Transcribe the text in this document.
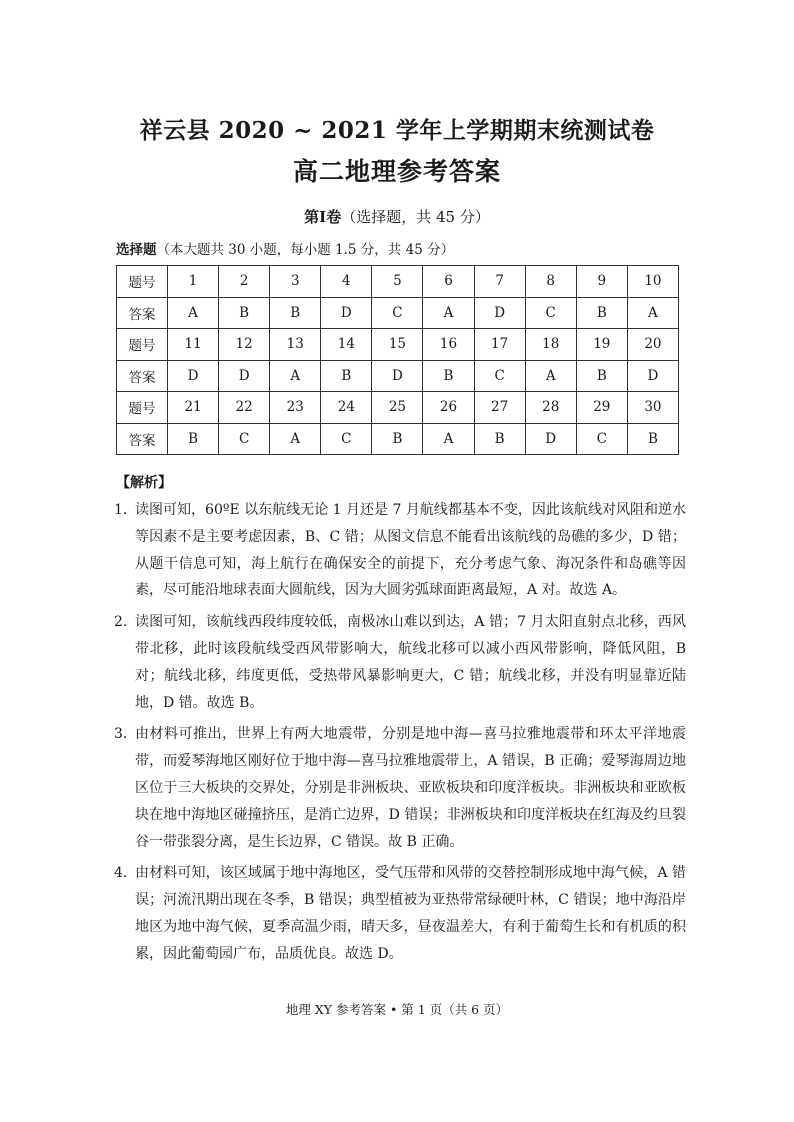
祥云县 2020 ~ 2021 学年上学期期末统测试卷
高二地理参考答案
第Ⅰ卷（选择题，共 45 分）
选择题（本大题共 30 小题，每小题 1.5 分，共 45 分）
题号	1	2	3	4	5	6	7	8	9	10
答案	A	B	B	D	C	A	D	C	B	A
题号	11	12	13	14	15	16	17	18	19	20
答案	D	D	A	B	D	B	C	A	B	D
题号	21	22	23	24	25	26	27	28	29	30
答案	B	C	A	C	B	A	B	D	C	B
【解析】
1．
读图可知，60ºE 以东航线无论 1 月还是 7 月航线都基本不变，因此该航线对风阻和逆水等因素不是主要考虑因素，B、C 错；从图文信息不能看出该航线的岛礁的多少，D 错；从题干信息可知，海上航行在确保安全的前提下，充分考虑气象、海况条件和岛礁等因素，尽可能沿地球表面大圆航线，因为大圆劣弧球面距离最短，A 对。故选 A。
2．
读图可知，该航线西段纬度较低，南极冰山难以到达，A 错；7 月太阳直射点北移，西风带北移，此时该段航线受西风带影响大，航线北移可以减小西风带影响，降低风阻，B 对；航线北移，纬度更低，受热带风暴影响更大，C 错；航线北移，并没有明显靠近陆地，D 错。故选 B。
3．
由材料可推出，世界上有两大地震带，分别是地中海—喜马拉雅地震带和环太平洋地震带，而爱琴海地区刚好位于地中海—喜马拉雅地震带上，A 错误，B 正确；爱琴海周边地区位于三大板块的交界处，分别是非洲板块、亚欧板块和印度洋板块。非洲板块和亚欧板块在地中海地区碰撞挤压，是消亡边界，D 错误；非洲板块和印度洋板块在红海及约旦裂谷一带张裂分离，是生长边界，C 错误。故 B 正确。
4．
由材料可知，该区域属于地中海地区，受气压带和风带的交替控制形成地中海气候，A 错误；河流汛期出现在冬季，B 错误；典型植被为亚热带常绿硬叶林，C 错误；地中海沿岸地区为地中海气候，夏季高温少雨，晴天多，昼夜温差大，有利于葡萄生长和有机质的积累，因此葡萄园广布，品质优良。故选 D。
地理 XY 参考答案 • 第 1 页（共 6 页）
